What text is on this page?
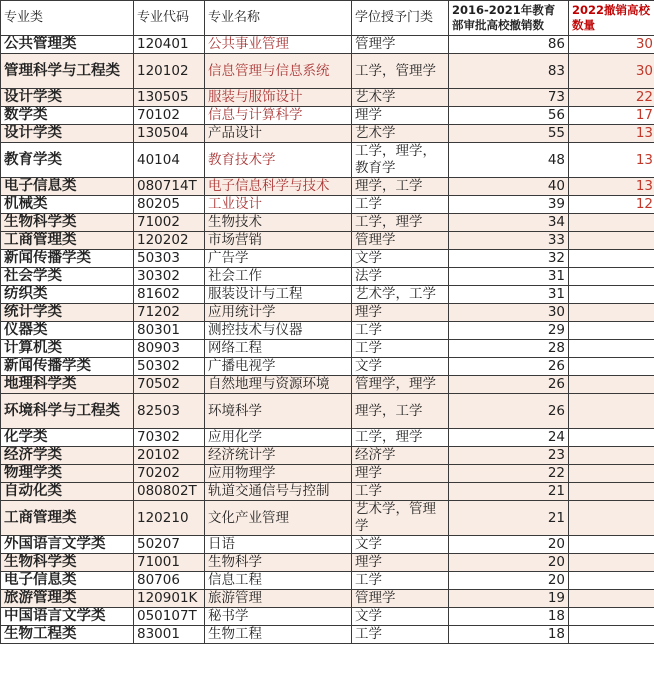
专业类	专业代码	专业名称	学位授予门类	2016-2021年教育部审批高校撤销数	2022撤销高校数量
公共管理类	120401	公共事业管理	管理学	86	30
管理科学与工程类	120102	信息管理与信息系统	工学，管理学	83	30
设计学类	130505	服装与服饰设计	艺术学	73	22
数学类	70102	信息与计算科学	理学	56	17
设计学类	130504	产品设计	艺术学	55	13
教育学类	40104	教育技术学	工学，理学，教育学	48	13
电子信息类	080714T	电子信息科学与技术	理学，工学	40	13
机械类	80205	工业设计	工学	39	12
生物科学类	71002	生物技术	工学，理学	34	
工商管理类	120202	市场营销	管理学	33	
新闻传播学类	50303	广告学	文学	32	
社会学类	30302	社会工作	法学	31	
纺织类	81602	服装设计与工程	艺术学，工学	31	
统计学类	71202	应用统计学	理学	30	
仪器类	80301	测控技术与仪器	工学	29	
计算机类	80903	网络工程	工学	28	
新闻传播学类	50302	广播电视学	文学	26	
地理科学类	70502	自然地理与资源环境	管理学，理学	26	
环境科学与工程类	82503	环境科学	理学，工学	26	
化学类	70302	应用化学	工学，理学	24	
经济学类	20102	经济统计学	经济学	23	
物理学类	70202	应用物理学	理学	22	
自动化类	080802T	轨道交通信号与控制	工学	21	
工商管理类	120210	文化产业管理	艺术学，管理学	21	
外国语言文学类	50207	日语	文学	20	
生物科学类	71001	生物科学	理学	20	
电子信息类	80706	信息工程	工学	20	
旅游管理类	120901K	旅游管理	管理学	19	
中国语言文学类	050107T	秘书学	文学	18	
生物工程类	83001	生物工程	工学	18	
